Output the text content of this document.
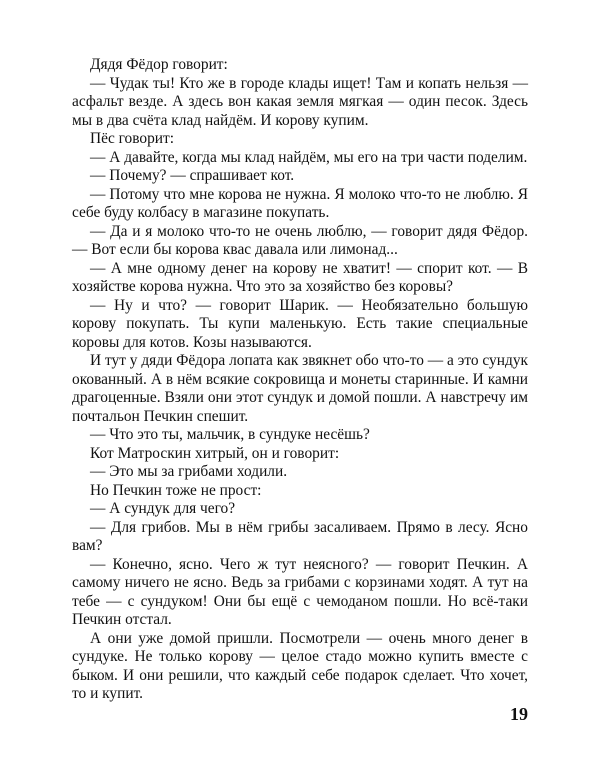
Дядя Фёдор говорит:

— Чудак ты! Кто же в городе клады ищет! Там и копать нельзя — асфальт везде. А здесь вон какая земля мягкая — один песок. Здесь мы в два счёта клад найдём. И корову купим.

Пёс говорит:

— А давайте, когда мы клад найдём, мы его на три части поделим.

— Почему? — спрашивает кот.

— Потому что мне корова не нужна. Я молоко что-то не люблю. Я себе буду колбасу в магазине покупать.

— Да и я молоко что-то не очень люблю, — говорит дядя Фёдор. — Вот если бы корова квас давала или лимонад...

— А мне одному денег на корову не хватит! — спорит кот. — В хозяйстве корова нужна. Что это за хозяйство без коровы?

— Ну и что? — говорит Шарик. — Необязательно большую корову покупать. Ты купи маленькую. Есть такие специальные коровы для котов. Козы называются.

И тут у дяди Фёдора лопата как звякнет обо что-то — а это сундук окованный. А в нём всякие сокровища и монеты старинные. И камни драгоценные. Взяли они этот сундук и домой пошли. А навстречу им почтальон Печкин спешит.

— Что это ты, мальчик, в сундуке несёшь?

Кот Матроскин хитрый, он и говорит:

— Это мы за грибами ходили.

Но Печкин тоже не прост:

— А сундук для чего?

— Для грибов. Мы в нём грибы засаливаем. Прямо в лесу. Ясно вам?

— Конечно, ясно. Чего ж тут неясного? — говорит Печкин. А самому ничего не ясно. Ведь за грибами с корзинами ходят. А тут на тебе — с сундуком! Они бы ещё с чемоданом пошли. Но всё-таки Печкин отстал.

А они уже домой пришли. Посмотрели — очень много денег в сундуке. Не только корову — целое стадо можно купить вместе с быком. И они решили, что каждый себе подарок сделает. Что хочет, то и купит.

19
